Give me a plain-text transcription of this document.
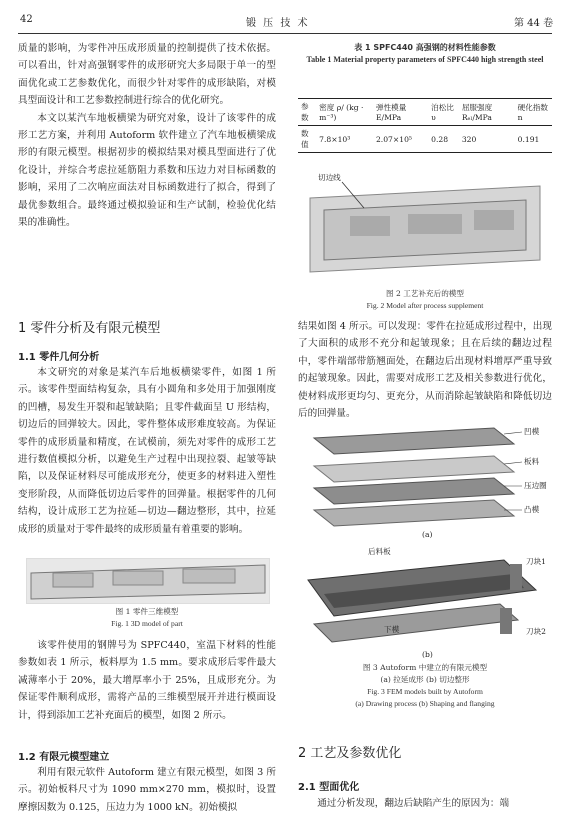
42	锻 压 技 术	第 44 卷

质量的影响，为零件冲压成形质量的控制提供了技术依据。可以看出，针对高强钢零件的成形研究大多局限于单一的型面优化或工艺参数优化，而很少针对零件的成形缺陷，对模具型面设计和工艺参数控制进行综合的优化研究。

本文以某汽车地板横梁为研究对象，设计了该零件的成形工艺方案，并利用 Autoform 软件建立了汽车地板横梁成形的有限元模型。根据初步的模拟结果对模具型面进行了优化设计，并综合考虑拉延筋阻力系数和压边力对目标函数的影响，采用了二次响应面法对目标函数进行了拟合，得到了最优参数组合。最终通过模拟验证和生产试制，检验优化结果的准确性。

1 零件分析及有限元模型
1.1 零件几何分析

本文研究的对象是某汽车后地板横梁零件，如图 1 所示。该零件型面结构复杂，具有小圆角和多处用于加强刚度的凹槽，易发生开裂和起皱缺陷；且零件截面呈 U 形结构，切边后的回弹较大。因此，零件整体成形难度较高。为保证零件的成形质量和精度，在试模前，须先对零件的成形工艺进行数值模拟分析，以避免生产过程中出现拉裂、起皱等缺陷，以及保证材料尽可能成形充分，使更多的材料进入塑性变形阶段，从而降低切边后零件的回弹量。根据零件的几何结构，设计成形工艺为拉延—切边—翻边整形，其中，拉延成形的质量对于零件最终的成形质量有着重要的影响。

图 1 零件三维模型
Fig. 1 3D model of part

该零件使用的钢牌号为 SPFC440，室温下材料的性能参数如表 1 所示，板料厚为 1.5 mm。要求成形后零件最大减薄率小于 20%，最大增厚率小于 25%，且成形充分。为保证零件顺利成形，需将产品的三维模型展开并进行模面设计，得到添加工艺补充面后的模型，如图 2 所示。

1.2 有限元模型建立

利用有限元软件 Autoform 建立有限元模型，如图 3 所示。初始板料尺寸为 1090 mm×270 mm，模拟时，设置摩擦因数为 0.125，压边力为 1000 kN。初始模拟

表 1 SPFC440 高强钢的材料性能参数
Table 1 Material property parameters of SPFC440 high strength steel
参数	密度 ρ/ (kg · m⁻³)	弹性模量 E/MPa	泊松比 υ	屈服强度 Rₑₗ/MPa	硬化指数 n
数值	7.8×10³	2.07×10⁵	0.28	320	0.191
切边线
图 2 工艺补充后的模型
Fig. 2 Model after process supplement

结果如图 4 所示。可以发现：零件在拉延成形过程中，出现了大面积的成形不充分和起皱现象；且在后续的翻边过程中，零件端部带筋翘面处，在翻边后出现材料增厚严重导致的起皱现象。因此，需要对成形工艺及相关参数进行优化，使材料成形更均匀、更充分，从而消除起皱缺陷和降低切边后的回弹量。

凹模
板料
压边圈
凸模
(a)
后料板
刀块1
下模	刀块2
(b)
图 3 Autoform 中建立的有限元模型
(a) 拉延成形 (b) 切边整形
Fig. 3 FEM models built by Autoform
(a) Drawing process (b) Shaping and flanging
2 工艺及参数优化
2.1 型面优化

通过分析发现，翻边后缺陷产生的原因为：端
